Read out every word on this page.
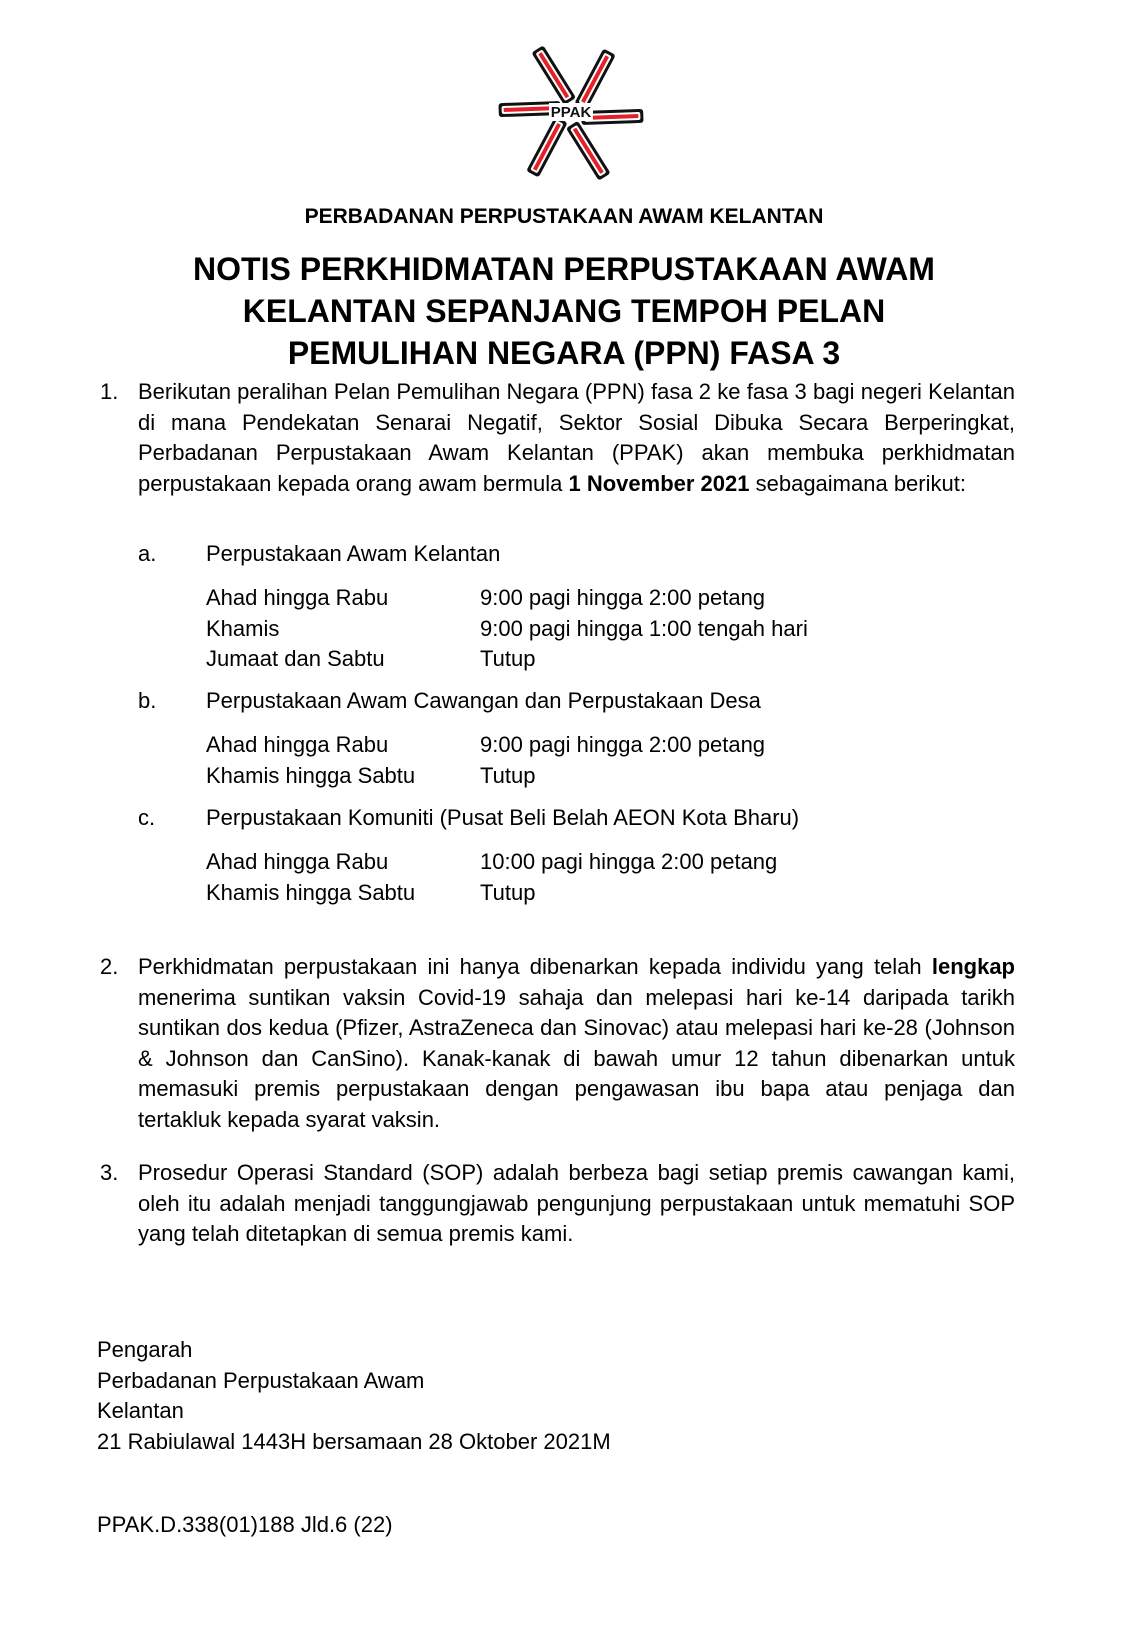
PPAK
PERBADANAN PERPUSTAKAAN AWAM KELANTAN
NOTIS PERKHIDMATAN PERPUSTAKAAN AWAM
KELANTAN SEPANJANG TEMPOH PELAN
PEMULIHAN NEGARA (PPN) FASA 3
1. Berikutan peralihan Pelan Pemulihan Negara (PPN) fasa 2 ke fasa 3 bagi negeri Kelantan di mana Pendekatan Senarai Negatif, Sektor Sosial Dibuka Secara Berperingkat, Perbadanan Perpustakaan Awam Kelantan (PPAK) akan membuka perkhidmatan perpustakaan kepada orang awam bermula 1 November 2021 sebagaimana berikut:
a. Perpustakaan Awam Kelantan
Ahad hingga Rabu	9:00 pagi hingga 2:00 petang
Khamis	9:00 pagi hingga 1:00 tengah hari
Jumaat dan Sabtu	Tutup
b. Perpustakaan Awam Cawangan dan Perpustakaan Desa
Ahad hingga Rabu	9:00 pagi hingga 2:00 petang
Khamis hingga Sabtu	Tutup
c. Perpustakaan Komuniti (Pusat Beli Belah AEON Kota Bharu)
Ahad hingga Rabu	10:00 pagi hingga 2:00 petang
Khamis hingga Sabtu	Tutup
2. Perkhidmatan perpustakaan ini hanya dibenarkan kepada individu yang telah lengkap menerima suntikan vaksin Covid-19 sahaja dan melepasi hari ke-14 daripada tarikh suntikan dos kedua (Pfizer, AstraZeneca dan Sinovac) atau melepasi hari ke-28 (Johnson & Johnson dan CanSino). Kanak-kanak di bawah umur 12 tahun dibenarkan untuk memasuki premis perpustakaan dengan pengawasan ibu bapa atau penjaga dan tertakluk kepada syarat vaksin.
3. Prosedur Operasi Standard (SOP) adalah berbeza bagi setiap premis cawangan kami, oleh itu adalah menjadi tanggungjawab pengunjung perpustakaan untuk mematuhi SOP yang telah ditetapkan di semua premis kami.
Pengarah
Perbadanan Perpustakaan Awam
Kelantan
21 Rabiulawal 1443H bersamaan 28 Oktober 2021M
PPAK.D.338(01)188 Jld.6 (22)
